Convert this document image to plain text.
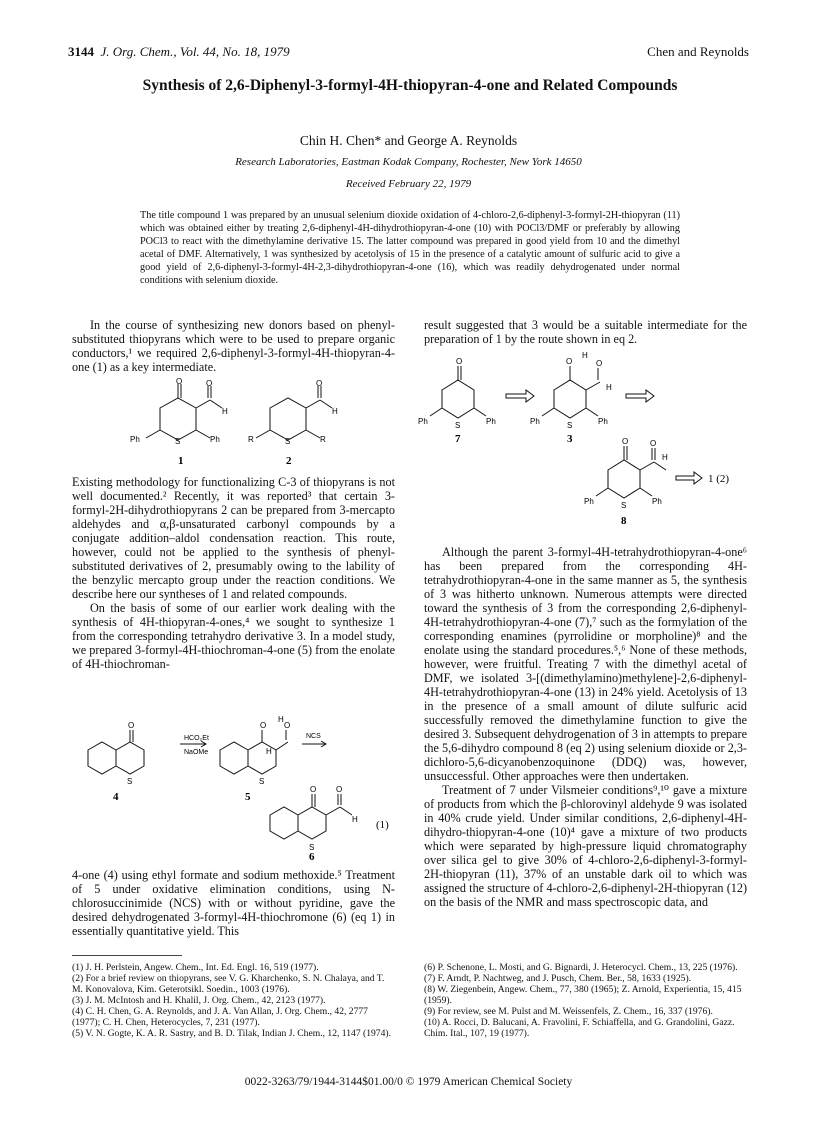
3144 J. Org. Chem., Vol. 44, No. 18, 1979	Chen and Reynolds
Synthesis of 2,6-Diphenyl-3-formyl-4H-thiopyran-4-one and Related Compounds
Chin H. Chen* and George A. Reynolds
Research Laboratories, Eastman Kodak Company, Rochester, New York 14650
Received February 22, 1979
The title compound 1 was prepared by an unusual selenium dioxide oxidation of 4-chloro-2,6-diphenyl-3-formyl-2H-thiopyran (11) which was obtained either by treating 2,6-diphenyl-4H-dihydrothiopyran-4-one (10) with POCl3/DMF or preferably by allowing POCl3 to react with the dimethylamine derivative 15. The latter compound was prepared in good yield from 10 and the dimethyl acetal of DMF. Alternatively, 1 was synthesized by acetolysis of 15 in the presence of a catalytic amount of sulfuric acid to give a good yield of 2,6-diphenyl-3-formyl-4H-2,3-dihydrothiopyran-4-one (16), which was readily dehydrogenated under normal conditions with selenium dioxide.

In the course of synthesizing new donors based on phenyl-substituted thiopyrans which were to be used to prepare organic conductors,¹ we required 2,6-diphenyl-3-formyl-4H-thiopyran-4-one (1) as a key intermediate.

O	O
H
S
Ph	Ph
O
H
S
R	R
1	2

Existing methodology for functionalizing C-3 of thiopyrans is not well documented.² Recently, it was reported³ that certain 3-formyl-2H-dihydrothiopyrans 2 can be prepared from 3-mercapto aldehydes and α,β-unsaturated carbonyl compounds by a conjugate addition–aldol condensation reaction. This route, however, could not be applied to the synthesis of phenyl-substituted derivatives of 2, presumably owing to the lability of the benzylic mercapto group under the reaction conditions. We describe here our syntheses of 1 and related compounds.

On the basis of some of our earlier work dealing with the synthesis of 4H-thiopyran-4-ones,⁴ we sought to synthesize 1 from the corresponding tetrahydro derivative 3. In a model study, we prepared 3-formyl-4H-thiochroman-4-one (5) from the enolate of 4H-thiochroman-

O
S
HCO₂Et
NaOMe
O
H
O
H
S
NCS
O O
H
S
4	5
6
(1)

4-one (4) using ethyl formate and sodium methoxide.⁵ Treatment of 5 under oxidative elimination conditions, using N-chlorosuccinimide (NCS) with or without pyridine, gave the desired dehydrogenated 3-formyl-4H-thiochromone (6) (eq 1) in essentially quantitative yield. This

result suggested that 3 would be a suitable intermediate for the preparation of 1 by the route shown in eq 2.

O
S
Ph	Ph
O
H
O
H
S
Ph	Ph
O	O
H
S
Ph	Ph
7	3
8
1 (2)

Although the parent 3-formyl-4H-tetrahydrothiopyran-4-one⁶ has been prepared from the corresponding 4H-tetrahydrothiopyran-4-one in the same manner as 5, the synthesis of 3 was hitherto unknown. Numerous attempts were directed toward the synthesis of 3 from the corresponding 2,6-diphenyl-4H-tetrahydrothiopyran-4-one (7),⁷ such as the formylation of the corresponding enamines (pyrrolidine or morpholine)⁸ and the enolate using the standard procedures.⁵,⁶ None of these methods, however, were fruitful. Treating 7 with the dimethyl acetal of DMF, we isolated 3-[(dimethylamino)methylene]-2,6-diphenyl-4H-tetrahydrothiopyran-4-one (13) in 24% yield. Acetolysis of 13 in the presence of a small amount of dilute sulfuric acid successfully removed the dimethylamine function to give the desired 3. Subsequent dehydrogenation of 3 in attempts to prepare the 5,6-dihydro compound 8 (eq 2) using selenium dioxide or 2,3-dichloro-5,6-dicyanobenzoquinone (DDQ) was, however, unsuccessful. Other approaches were then undertaken.

Treatment of 7 under Vilsmeier conditions⁹,¹⁰ gave a mixture of products from which the β-chlorovinyl aldehyde 9 was isolated in 40% crude yield. Under similar conditions, 2,6-diphenyl-4H-dihydro-thiopyran-4-one (10)⁴ gave a mixture of two products which were separated by high-pressure liquid chromatography over silica gel to give 30% of 4-chloro-2,6-diphenyl-3-formyl-2H-thiopyran (11), 37% of an unstable dark oil to which was assigned the structure of 4-chloro-2,6-diphenyl-2H-thiopyran (12) on the basis of the NMR and mass spectroscopic data, and

(1) J. H. Perlstein, Angew. Chem., Int. Ed. Engl. 16, 519 (1977).
(2) For a brief review on thiopyrans, see V. G. Kharchenko, S. N. Chalaya, and T. M. Konovalova, Kim. Geterotsikl. Soedin., 1003 (1976).
(3) J. M. McIntosh and H. Khalil, J. Org. Chem., 42, 2123 (1977).
(4) C. H. Chen, G. A. Reynolds, and J. A. Van Allan, J. Org. Chem., 42, 2777 (1977); C. H. Chen, Heterocycles, 7, 231 (1977).
(5) V. N. Gogte, K. A. R. Sastry, and B. D. Tilak, Indian J. Chem., 12, 1147 (1974).
(6) P. Schenone, L. Mosti, and G. Bignardi, J. Heterocycl. Chem., 13, 225 (1976).
(7) F. Arndt, P. Nachtweg, and J. Pusch, Chem. Ber., 58, 1633 (1925).
(8) W. Ziegenbein, Angew. Chem., 77, 380 (1965); Z. Arnold, Experientia, 15, 415 (1959).
(9) For review, see M. Pulst and M. Weissenfels, Z. Chem., 16, 337 (1976).
(10) A. Rocci, D. Balucani, A. Fravolini, F. Schiaffella, and G. Grandolini, Gazz. Chim. Ital., 107, 19 (1977).
0022-3263/79/1944-3144$01.00/0 © 1979 American Chemical Society
